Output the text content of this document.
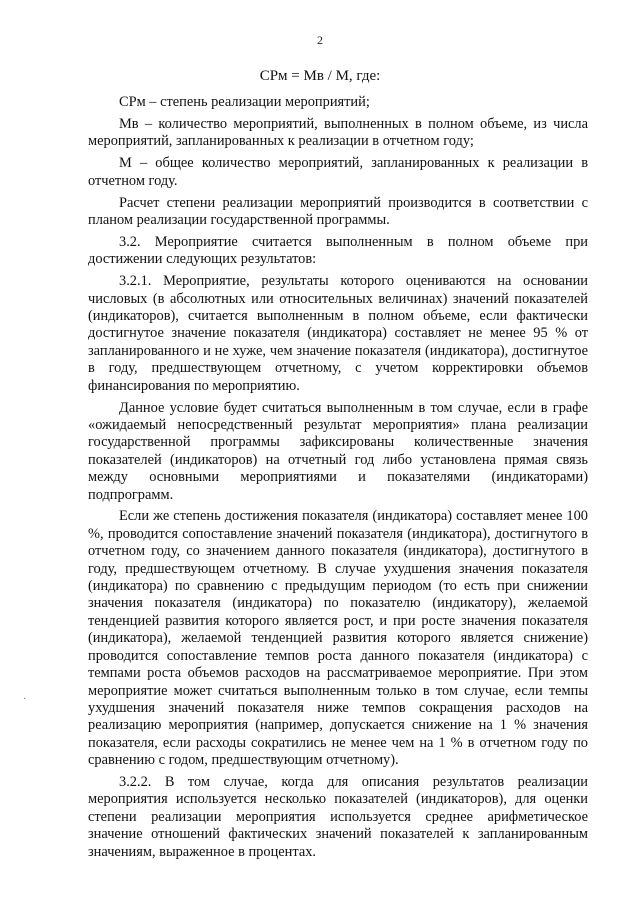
2
СРм = Мв / М, где:

СРм – степень реализации мероприятий;

Мв – количество мероприятий, выполненных в полном объеме, из числа мероприятий, запланированных к реализации в отчетном году;

М – общее количество мероприятий, запланированных к реализации в отчетном году.

Расчет степени реализации мероприятий производится в соответствии с планом реализации государственной программы.

3.2. Мероприятие считается выполненным в полном объеме при достижении следующих результатов:

3.2.1. Мероприятие, результаты которого оцениваются на основании числовых (в абсолютных или относительных величинах) значений показателей (индикаторов), считается выполненным в полном объеме, если фактически достигнутое значение показателя (индикатора) составляет не менее 95 % от запланированного и не хуже, чем значение показателя (индикатора), достигнутое в году, предшествующем отчетному, с учетом корректировки объемов финансирования по мероприятию.

Данное условие будет считаться выполненным в том случае, если в графе «ожидаемый непосредственный результат мероприятия» плана реализации государственной программы зафиксированы количественные значения показателей (индикаторов) на отчетный год либо установлена прямая связь между основными мероприятиями и показателями (индикаторами) подпрограмм.

Если же степень достижения показателя (индикатора) составляет менее 100 %, проводится сопоставление значений показателя (индикатора), достигнутого в отчетном году, со значением данного показателя (индикатора), достигнутого в году, предшествующем отчетному. В случае ухудшения значения показателя (индикатора) по сравнению с предыдущим периодом (то есть при снижении значения показателя (индикатора) по показателю (индикатору), желаемой тенденцией развития которого является рост, и при росте значения показателя (индикатора), желаемой тенденцией развития которого является снижение) проводится сопоставление темпов роста данного показателя (индикатора) с темпами роста объемов расходов на рассматриваемое мероприятие. При этом мероприятие может считаться выполненным только в том случае, если темпы ухудшения значений показателя ниже темпов сокращения расходов на реализацию мероприятия (например, допускается снижение на 1 % значения показателя, если расходы сократились не менее чем на 1 % в отчетном году по сравнению с годом, предшествующим отчетному).

3.2.2. В том случае, когда для описания результатов реализации мероприятия используется несколько показателей (индикаторов), для оценки степени реализации мероприятия используется среднее арифметическое значение отношений фактических значений показателей к запланированным значениям, выраженное в процентах.

·
